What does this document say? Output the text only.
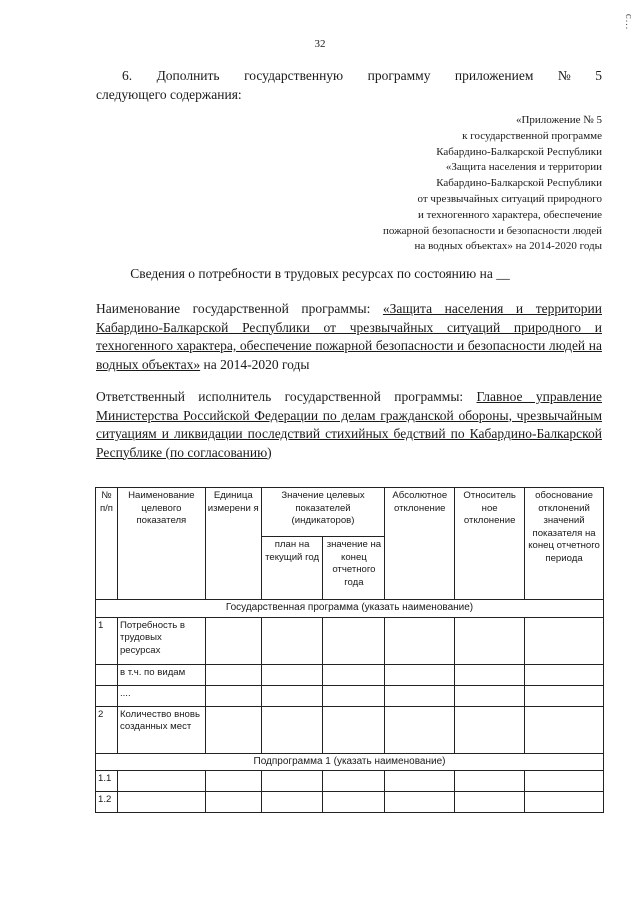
32
ᴄ...
6. Дополнить государственную программу приложением № 5
следующего содержания:
«Приложение № 5
к государственной программе
Кабардино-Балкарской Республики
«Защита населения и территории
Кабардино-Балкарской Республики
от чрезвычайных ситуаций природного
и техногенного характера, обеспечение
пожарной безопасности и безопасности людей
на водных объектах» на 2014-2020 годы
Сведения о потребности в трудовых ресурсах по состоянию на __
Наименование государственной программы: «Защита населения и территории Кабардино-Балкарской Республики от чрезвычайных ситуаций природного и техногенного характера, обеспечение пожарной безопасности и безопасности людей на водных объектах» на 2014-2020 годы
Ответственный исполнитель государственной программы: Главное управление Министерства Российской Федерации по делам гражданской обороны, чрезвычайным ситуациям и ликвидации последствий стихийных бедствий по Кабардино-Балкарской Республике (по согласованию)
№ п/п	Наименование целевого показателя	Единица измерени я	Значение целевых показателей (индикаторов)		Абсолютное отклонение	Относитель ное отклонение	обоснование отклонений значений показателя на конец отчетного периода
			план на текущий год	значение на конец отчетного года			
Государственная программа (указать наименование)							
1	Потребность в трудовых ресурсах						
	в т.ч. по видам						
	....						
2	Количество вновь созданных мест						
Подпрограмма 1 (указать наименование)							
1.1							
1.2							
